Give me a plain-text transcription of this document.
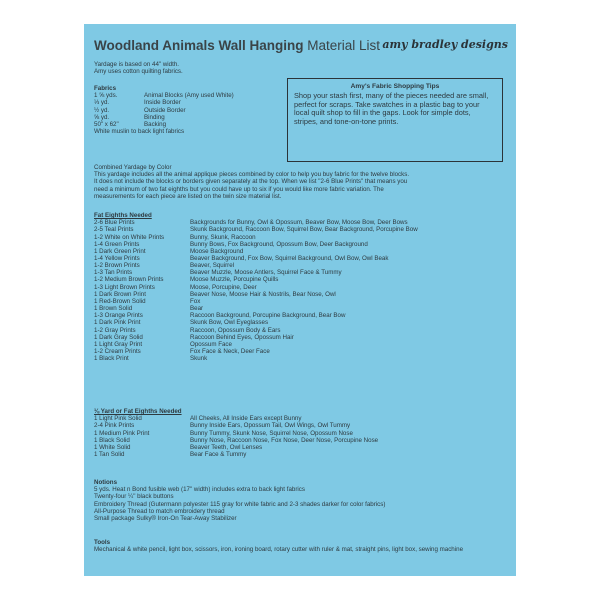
Woodland Animals Wall Hanging Material List amy bradley designs
Yardage is based on 44" width.
Amy uses cotton quilting fabrics.
Fabrics
1 ⅝ yds.	Animal Blocks (Amy used White)
⅓ yd.	Inside Border
½ yd.	Outside Border
⅝ yd.	Binding
50" x 62"	Backing
White muslin to back light fabrics
Amy's Fabric Shopping Tips
Shop your stash first, many of the pieces needed are small, perfect for scraps. Take swatches in a plastic bag to your local quilt shop to fill in the gaps. Look for simple dots, stripes, and tone-on-tone prints.
Combined Yardage by Color
This yardage includes all the animal applique pieces combined by color to help you buy fabric for the twelve blocks.
It does not include the blocks or borders given separately at the top. When we list "2-6 Blue Prints" that means you
need a minimum of two fat eighths but you could have up to six if you would like more fabric variation. The
measurements for each piece are listed on the twin size material list.
Fat Eighths Needed
2-6 Blue Prints	Backgrounds for Bunny, Owl & Opossum, Beaver Bow, Moose Bow, Deer Bows
2-5 Teal Prints	Skunk Background, Raccoon Bow, Squirrel Bow, Bear Background, Porcupine Bow
1-2 White on White Prints	Bunny, Skunk, Raccoon
1-4 Green Prints	Bunny Bows, Fox Background, Opossum Bow, Deer Background
1 Dark Green Print	Moose Background
1-4 Yellow Prints	Beaver Background, Fox Bow, Squirrel Background, Owl Bow, Owl Beak
1-2 Brown Prints	Beaver, Squirrel
1-3 Tan Prints	Beaver Muzzle, Moose Antlers, Squirrel Face & Tummy
1-2 Medium Brown Prints	Moose Muzzle, Porcupine Quills
1-3 Light Brown Prints	Moose, Porcupine, Deer
1 Dark Brown Print	Beaver Nose, Moose Hair & Nostrils, Bear Nose, Owl
1 Red-Brown Solid	Fox
1 Brown Solid	Bear
1-3 Orange Prints	Raccoon Background, Porcupine Background, Bear Bow
1 Dark Pink Print	Skunk Bow, Owl Eyeglasses
1-2 Gray Prints	Raccoon, Opossum Body & Ears
1 Dark Gray Solid	Raccoon Behind Eyes, Opossum Hair
1 Light Gray Print	Opossum Face
1-2 Cream Prints	Fox Face & Neck, Deer Face
1 Black Print	Skunk
⅛ Yard or Fat Eighths Needed
1 Light Pink Solid	All Cheeks, All Inside Ears except Bunny
2-4 Pink Prints	Bunny Inside Ears, Opossum Tail, Owl Wings, Owl Tummy
1 Medium Pink Print	Bunny Tummy, Skunk Nose, Squirrel Nose, Opossum Nose
1 Black Solid	Bunny Nose, Raccoon Nose, Fox Nose, Deer Nose, Porcupine Nose
1 White Solid	Beaver Teeth, Owl Lenses
1 Tan Solid	Bear Face & Tummy
Notions
5 yds. Heat n Bond fusible web (17" width) includes extra to back light fabrics
Twenty-four ¼" black buttons
Embroidery Thread (Gutermann polyester 115 gray for white fabric and 2-3 shades darker for color fabrics)
All-Purpose Thread to match embroidery thread
Small package Sulky® Iron-On Tear-Away Stabilizer
Tools
Mechanical & white pencil, light box, scissors, iron, ironing board, rotary cutter with ruler & mat, straight pins, light box, sewing machine
